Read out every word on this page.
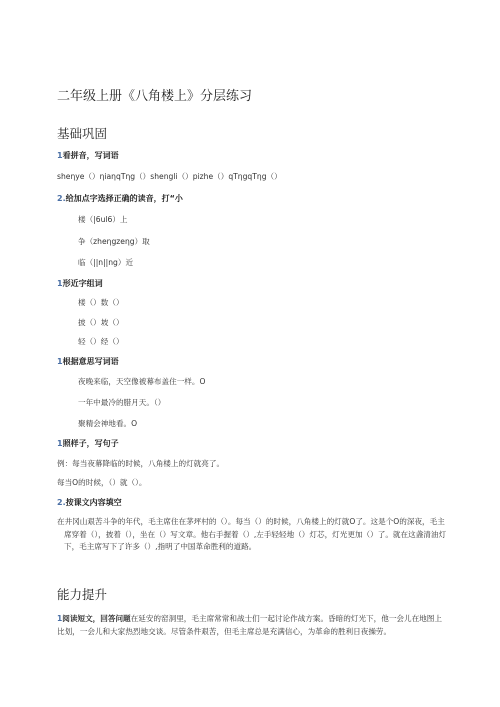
二年级上册《八角楼上》分层练习
基础巩固
1看拼音，写词语
sheηye（）ηiaηqTηg（）shengli（）pizhe（）qTηgqTηg（）
2.给加点字选择正确的读音，打“小
楼（|6ul6）上
争（zheηgzeηg）取
临（||n||ng）近
1形近字组词
楼（）数（）
披（）坡（）
轻（）经（）
1根据意思写词语
夜晚来临，天空像被幕布盖住一样。O
一年中最冷的腊月天。（）
聚精会神地看。O
1照样子，写句子
例：每当夜幕降临的时候，八角楼上的灯就亮了。
每当O的时候，（）就（）。
2.按课文内容填空
在井冈山艰苦斗争的年代，毛主席住在茅坪村的（）。每当（）的时候，八角楼上的灯就O了。这是个O的深夜，毛主席穿着（），披着（），坐在（）写文章。他右手握着（）,左手轻轻地（）灯芯，灯光更加（）了。就在这盏清油灯下，毛主席写下了许多（）,指明了中国革命胜利的道路。
能力提升
1阅读短文，回答问题在延安的窑洞里，毛主席常常和战士们一起讨论作战方案。昏暗的灯光下，他一会儿在地图上比划，一会儿和大家热烈地交谈。尽管条件艰苦，但毛主席总是充满信心，为革命的胜利日夜操劳。
